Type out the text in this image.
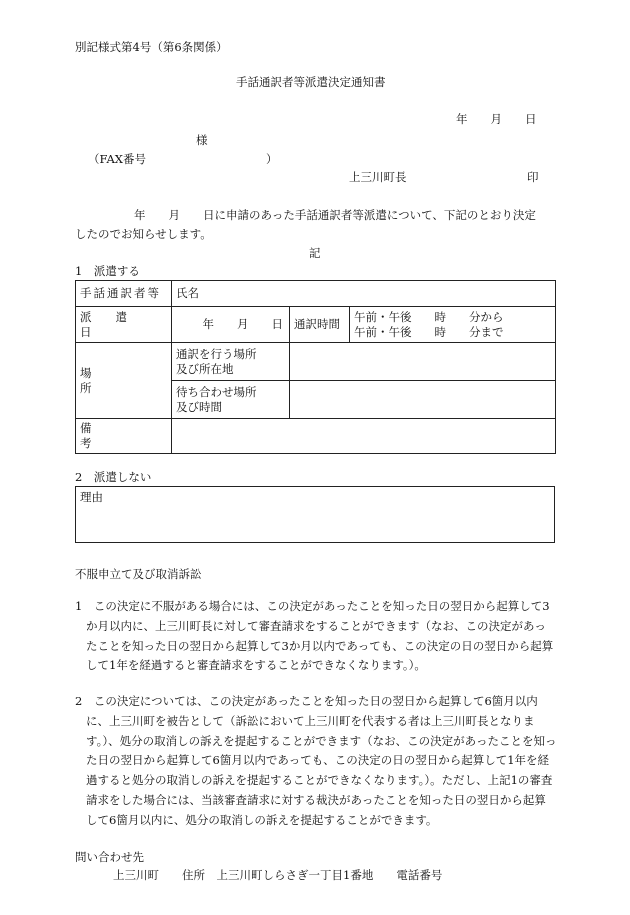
別記様式第4号（第6条関係）
手話通訳者等派遣決定通知書
年　　月　　日
様
（FAX番号	）
上三川町長	印
年　　月　　日に申請のあった手話通訳者等派遣について、下記のとおり決定
したのでお知らせします。
記
1　派遣する
手話通訳者等	氏名		

派遣日	年　　月　　日	通訳時間	午前・午後　　時　　分から
午前・午後　　時　　分まで

場所	通訳を行う場所
及び所在地		

	待ち合わせ場所
及び時間		

備考			

2　派遣しない
理由
不服申立て及び取消訴訟
1　この決定に不服がある場合には、この決定があったことを知った日の翌日から起算して3か月以内に、上三川町長に対して審査請求をすることができます（なお、この決定があったことを知った日の翌日から起算して3か月以内であっても、この決定の日の翌日から起算して1年を経過すると審査請求をすることができなくなります。）。
2　この決定については、この決定があったことを知った日の翌日から起算して6箇月以内に、上三川町を被告として（訴訟において上三川町を代表する者は上三川町長となります。）、処分の取消しの訴えを提起することができます（なお、この決定があったことを知った日の翌日から起算して6箇月以内であっても、この決定の日の翌日から起算して1年を経過すると処分の取消しの訴えを提起することができなくなります。）。ただし、上記1の審査請求をした場合には、当該審査請求に対する裁決があったことを知った日の翌日から起算して6箇月以内に、処分の取消しの訴えを提起することができます。
問い合わせ先
上三川町　　住所　上三川町しらさぎ一丁目1番地　　電話番号
